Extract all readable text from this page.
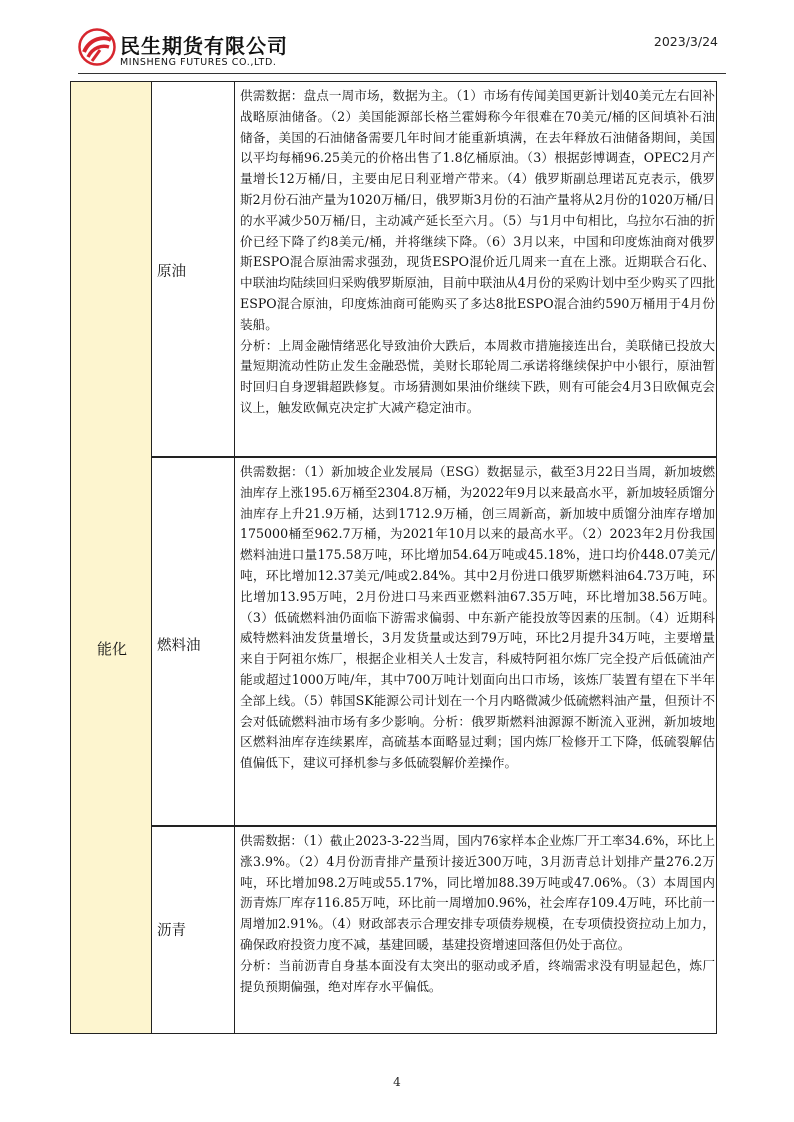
民生期货有限公司
MINSHENG FUTURES CO.,LTD.
2023/3/24
能化
原油

供需数据：盘点一周市场，数据为主。（1）市场有传闻美国更新计划40美元左右回补战略原油储备。（2）美国能源部长格兰霍姆称今年很难在70美元/桶的区间填补石油储备，美国的石油储备需要几年时间才能重新填满，在去年释放石油储备期间，美国以平均每桶96.25美元的价格出售了1.8亿桶原油。（3）根据彭博调查，OPEC2月产量增长12万桶/日，主要由尼日利亚增产带来。（4）俄罗斯副总理诺瓦克表示，俄罗斯2月份石油产量为1020万桶/日，俄罗斯3月份的石油产量将从2月份的1020万桶/日的水平减少50万桶/日，主动减产延长至六月。（5）与1月中旬相比，乌拉尔石油的折价已经下降了约8美元/桶，并将继续下降。（6）3月以来，中国和印度炼油商对俄罗斯ESPO混合原油需求强劲，现货ESPO混价近几周来一直在上涨。近期联合石化、中联油均陆续回归采购俄罗斯原油，目前中联油从4月份的采购计划中至少购买了四批ESPO混合原油，印度炼油商可能购买了多达8批ESPO混合油约590万桶用于4月份装船。

分析：上周金融情绪恶化导致油价大跌后，本周救市措施接连出台，美联储已投放大量短期流动性防止发生金融恐慌，美财长耶轮周二承诺将继续保护中小银行，原油暂时回归自身逻辑超跌修复。市场猜测如果油价继续下跌，则有可能会4月3日欧佩克会议上，触发欧佩克决定扩大减产稳定油市。

燃料油

供需数据：（1）新加坡企业发展局（ESG）数据显示，截至3月22日当周，新加坡燃油库存上涨195.6万桶至2304.8万桶，为2022年9月以来最高水平，新加坡轻质馏分油库存上升21.9万桶，达到1712.9万桶，创三周新高，新加坡中质馏分油库存增加175000桶至962.7万桶，为2021年10月以来的最高水平。（2）2023年2月份我国燃料油进口量175.58万吨，环比增加54.64万吨或45.18%，进口均价448.07美元/吨，环比增加12.37美元/吨或2.84%。其中2月份进口俄罗斯燃料油64.73万吨，环比增加13.95万吨，2月份进口马来西亚燃料油67.35万吨，环比增加38.56万吨。（3）低硫燃料油仍面临下游需求偏弱、中东新产能投放等因素的压制。（4）近期科威特燃料油发货量增长，3月发货量或达到79万吨，环比2月提升34万吨，主要增量来自于阿祖尔炼厂，根据企业相关人士发言，科威特阿祖尔炼厂完全投产后低硫油产能或超过1000万吨/年，其中700万吨计划面向出口市场，该炼厂装置有望在下半年全部上线。（5）韩国SK能源公司计划在一个月内略微减少低硫燃料油产量，但预计不会对低硫燃料油市场有多少影响。分析：俄罗斯燃料油源源不断流入亚洲，新加坡地区燃料油库存连续累库，高硫基本面略显过剩；国内炼厂检修开工下降，低硫裂解估值偏低下，建议可择机参与多低硫裂解价差操作。

沥青

供需数据：（1）截止2023-3-22当周，国内76家样本企业炼厂开工率34.6%，环比上涨3.9%。（2）4月份沥青排产量预计接近300万吨，3月沥青总计划排产量276.2万吨，环比增加98.2万吨或55.17%，同比增加88.39万吨或47.06%。（3）本周国内沥青炼厂库存116.85万吨，环比前一周增加0.96%，社会库存109.4万吨，环比前一周增加2.91%。（4）财政部表示合理安排专项债券规模，在专项债投资拉动上加力，确保政府投资力度不减，基建回暖，基建投资增速回落但仍处于高位。

分析：当前沥青自身基本面没有太突出的驱动或矛盾，终端需求没有明显起色，炼厂提负预期偏强，绝对库存水平偏低。

4
